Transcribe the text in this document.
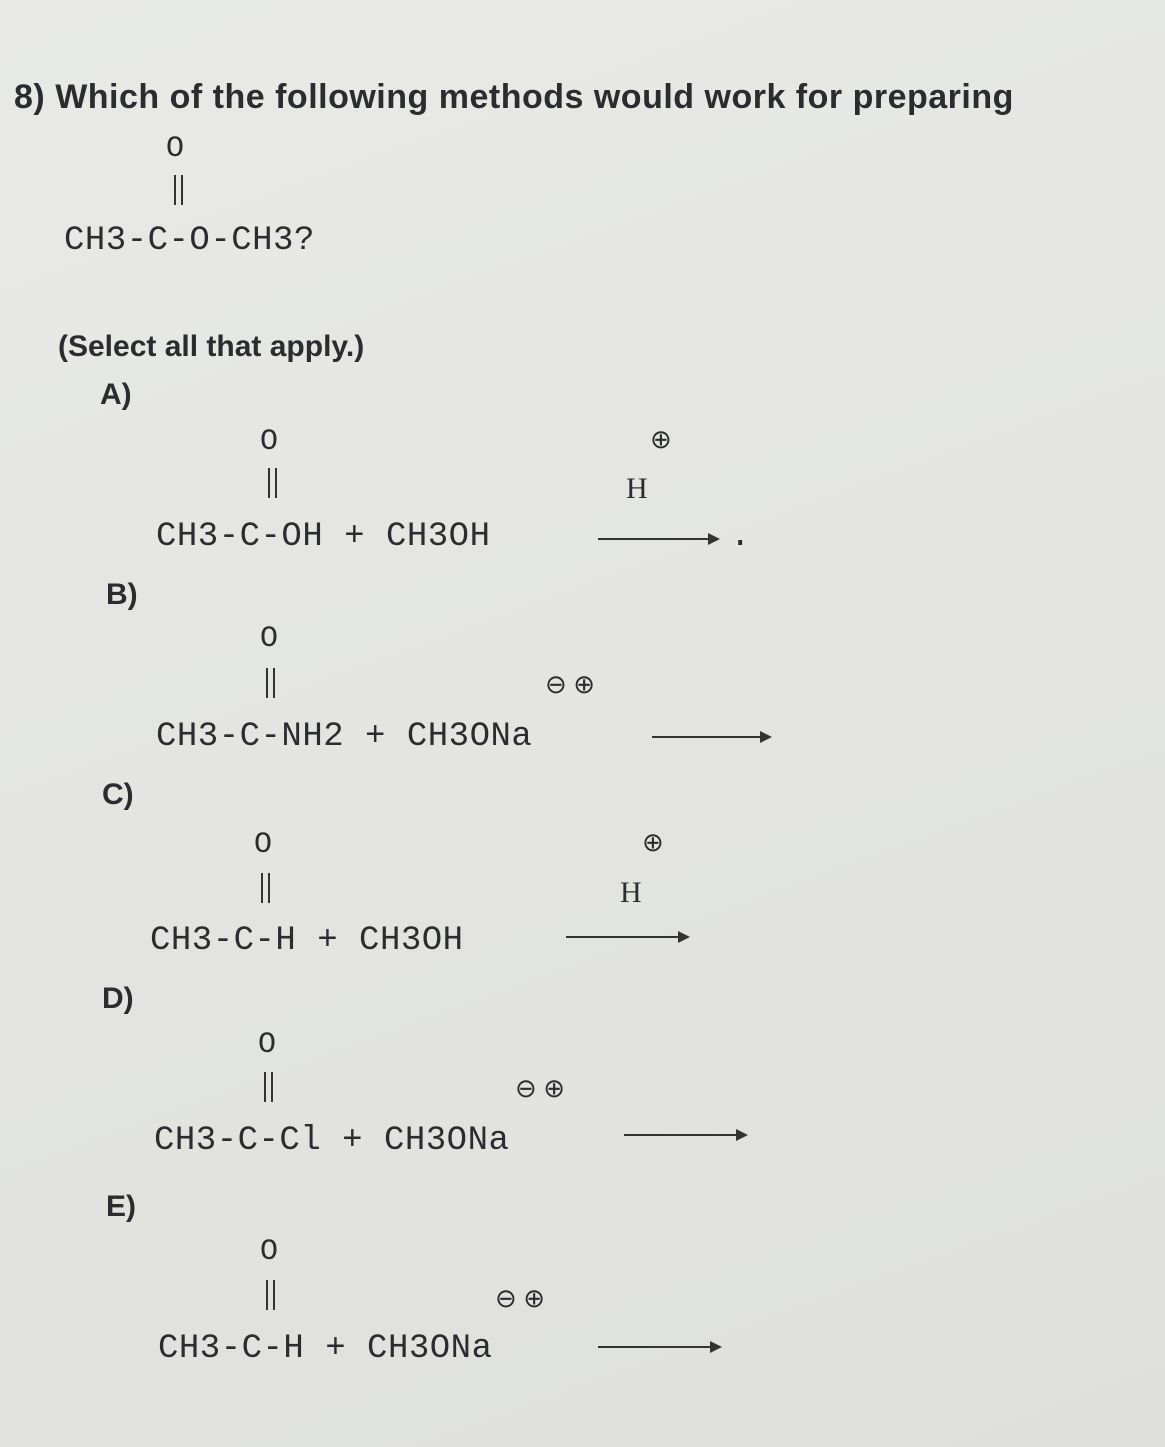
8) Which of the following methods would work for preparing
O
CH3-C-O-CH3?
(Select all that apply.)
A)
O
CH3-C-OH + CH3OH
⊕
H
.
B)
O
CH3-C-NH2 + CH3ONa
⊖ ⊕
C)
O
CH3-C-H + CH3OH
⊕
H
D)
O
CH3-C-Cl + CH3ONa
⊖ ⊕
E)
O
CH3-C-H + CH3ONa
⊖ ⊕
